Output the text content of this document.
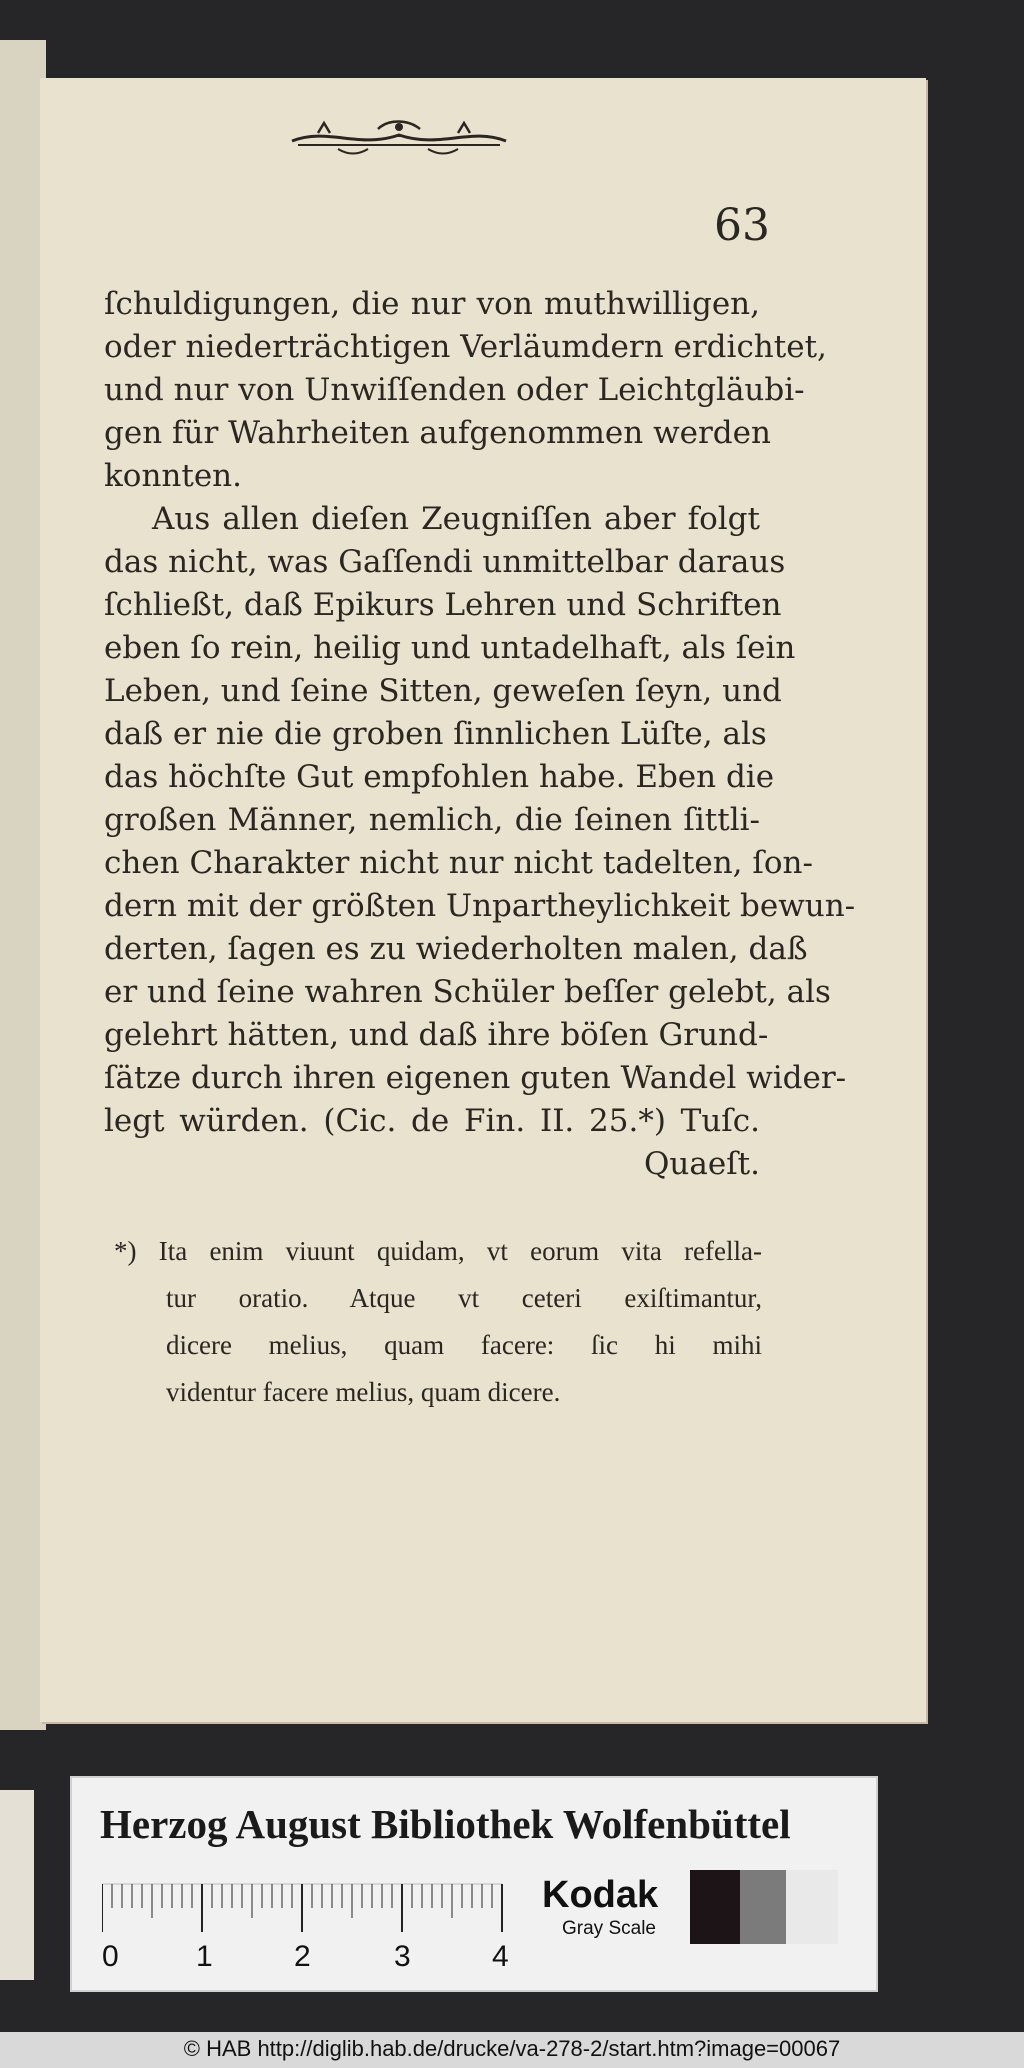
63
ſchuldigungen, die nur von muthwilligen,
oder niederträchtigen Verläumdern erdichtet,
und nur von Unwiſſenden oder Leichtgläubi-
gen für Wahrheiten aufgenommen werden
konnten.
Aus allen dieſen Zeugniſſen aber folgt
das nicht, was Gaſſendi unmittelbar daraus
ſchließt, daß Epikurs Lehren und Schriften
eben ſo rein, heilig und untadelhaft, als ſein
Leben, und ſeine Sitten, geweſen ſeyn, und
daß er nie die groben ſinnlichen Lüſte, als
das höchſte Gut empfohlen habe. Eben die
großen Männer, nemlich, die ſeinen ſittli-
chen Charakter nicht nur nicht tadelten, ſon-
dern mit der größten Unpartheylichkeit bewun-
derten, ſagen es zu wiederholten malen, daß
er und ſeine wahren Schüler beſſer gelebt, als
gelehrt hätten, und daß ihre böſen Grund-
ſätze durch ihren eigenen guten Wandel wider-
legt würden. (Cic. de Fin. II. 25.*) Tuſc.
Quaeſt.
*) Ita enim viuunt quidam, vt eorum vita refella-
tur oratio. Atque vt ceteri exiſtimantur,
dicere melius, quam facere: ſic hi mihi
videntur facere melius, quam dicere.
Herzog August Bibliothek Wolfenbüttel
0	1	2	3	4
Kodak
Gray Scale
© HAB http://diglib.hab.de/drucke/va-278-2/start.htm?image=00067
